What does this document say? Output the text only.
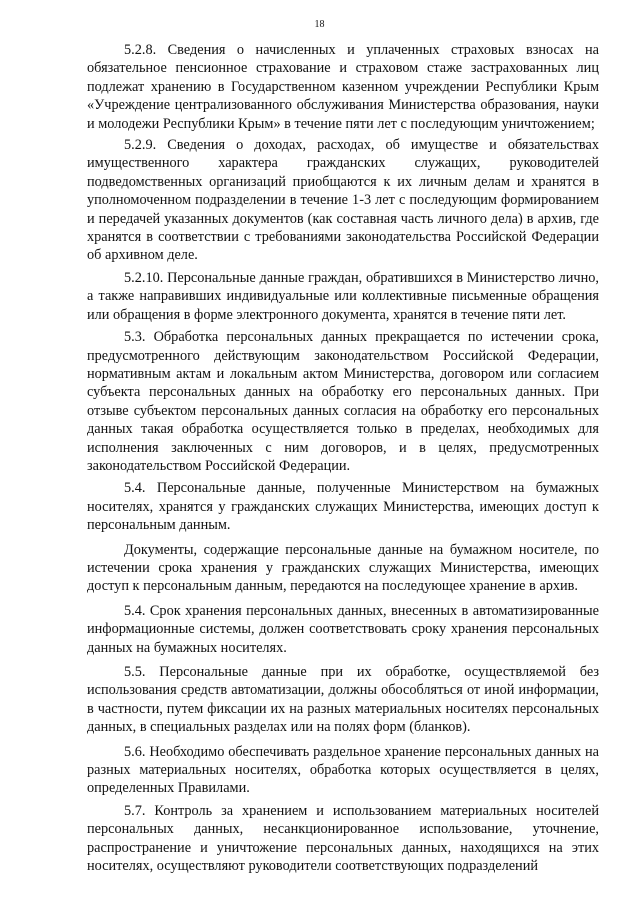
18

5.2.8. Сведения о начисленных и уплаченных страховых взносах на обязательное пенсионное страхование и страховом стаже застрахованных лиц подлежат хранению в Государственном казенном учреждении Республики Крым «Учреждение централизованного обслуживания Министерства образования, науки и молодежи Республики Крым» в течение пяти лет с последующим уничтожением;

5.2.9. Сведения о доходах, расходах, об имуществе и обязательствах имущественного характера гражданских служащих, руководителей подведомственных организаций приобщаются к их личным делам и хранятся в уполномоченном подразделении в течение 1-3 лет с последующим формированием и передачей указанных документов (как составная часть личного дела) в архив, где хранятся в соответствии с требованиями законодательства Российской Федерации об архивном деле.

5.2.10. Персональные данные граждан, обратившихся в Министерство лично, а также направивших индивидуальные или коллективные письменные обращения или обращения в форме электронного документа, хранятся в течение пяти лет.

5.3. Обработка персональных данных прекращается по истечении срока, предусмотренного действующим законодательством Российской Федерации, нормативным актам и локальным актом Министерства, договором или согласием субъекта персональных данных на обработку его персональных данных. При отзыве субъектом персональных данных согласия на обработку его персональных данных такая обработка осуществляется только в пределах, необходимых для исполнения заключенных с ним договоров, и в целях, предусмотренных законодательством Российской Федерации.

5.4. Персональные данные, полученные Министерством на бумажных носителях, хранятся у гражданских служащих Министерства, имеющих доступ к персональным данным.

Документы, содержащие персональные данные на бумажном носителе, по истечении срока хранения у гражданских служащих Министерства, имеющих доступ к персональным данным, передаются на последующее хранение в архив.

5.4. Срок хранения персональных данных, внесенных в автоматизированные информационные системы, должен соответствовать сроку хранения персональных данных на бумажных носителях.

5.5. Персональные данные при их обработке, осуществляемой без использования средств автоматизации, должны обособляться от иной информации, в частности, путем фиксации их на разных материальных носителях персональных данных, в специальных разделах или на полях форм (бланков).

5.6. Необходимо обеспечивать раздельное хранение персональных данных на разных материальных носителях, обработка которых осуществляется в целях, определенных Правилами.

5.7. Контроль за хранением и использованием материальных носителей персональных данных, несанкционированное использование, уточнение, распространение и уничтожение персональных данных, находящихся на этих носителях, осуществляют руководители соответствующих подразделений
